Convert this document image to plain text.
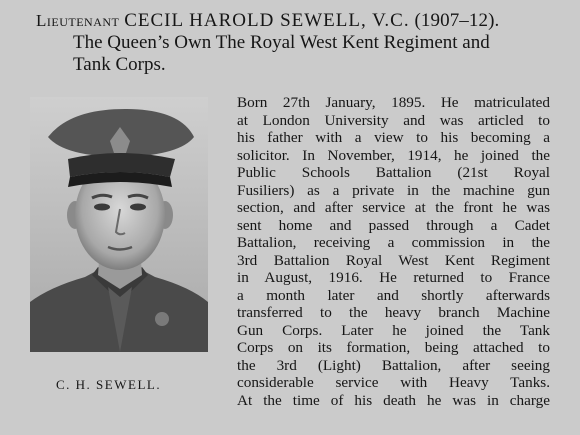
Lieutenant CECIL HAROLD SEWELL, V.C. (1907–12).
The Queen’s Own The Royal West Kent Regiment and
Tank Corps.
C. H. SEWELL.
Born 27th January, 1895. He matriculated
at London University and was articled to
his father with a view to his becoming a
solicitor. In November, 1914, he joined the
Public Schools Battalion (21st Royal
Fusiliers) as a private in the machine gun
section, and after service at the front he was
sent home and passed through a Cadet
Battalion, receiving a commission in the
3rd Battalion Royal West Kent Regiment
in August, 1916. He returned to France
a month later and shortly afterwards
transferred to the heavy branch Machine
Gun Corps. Later he joined the Tank
Corps on its formation, being attached to
the 3rd (Light) Battalion, after seeing
considerable service with Heavy Tanks.
At the time of his death he was in charge
